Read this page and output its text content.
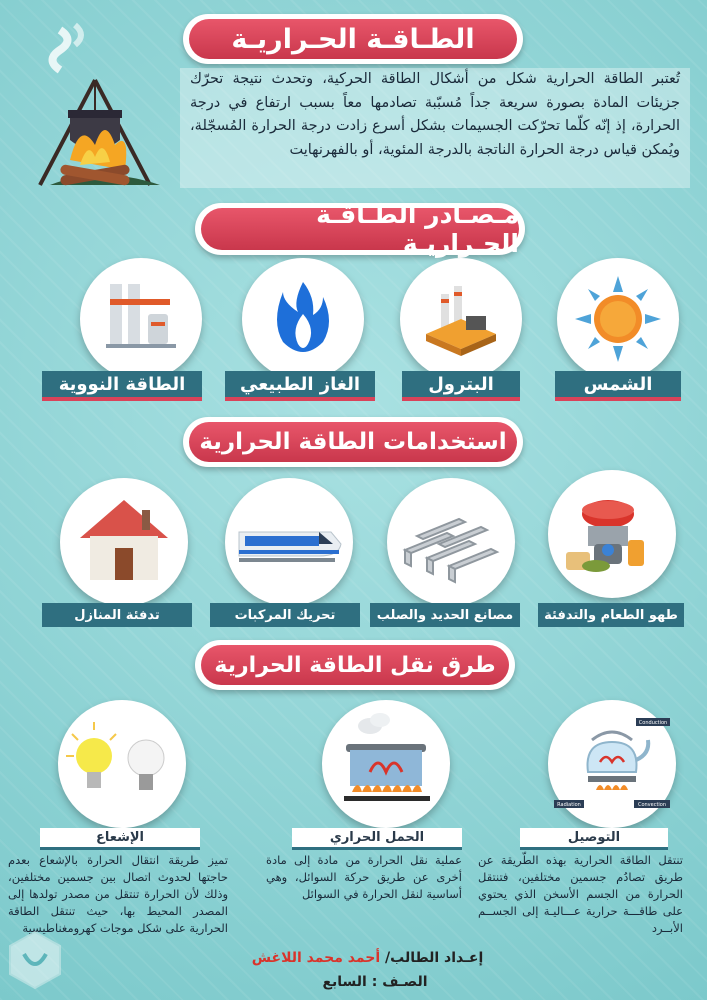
الطـاقـة الحـراريـة
تُعتبر الطاقة الحرارية شكل من أشكال الطاقة الحركية، وتحدث نتيجة تحرّك جزيئات المادة بصورة سريعة جداً مُسبّبة تصادمها معاً بسبب ارتفاع في درجة الحرارة، إذ إنّه كلّما تحرّكت الجسيمات بشكل أسرع زادت درجة الحرارة المُسجّلة، ويُمكن قياس درجة الحرارة الناتجة بالدرجة المئوية، أو بالفهرنهايت
مـصـادر الطـاقـة الحـراريـة
الشمس
البترول
الغاز الطبيعي
الطاقة النووية
استخدامات الطاقة الحرارية
طهو الطعام والتدفئة
مصانع الحديد والصلب
تحريك المركبات
تدفئة المنازل
طرق نقل الطاقة الحرارية
Conduction
Radiation	Convection
التوصيل
الحمل الحراري
الإشعاع
تنتقل الطاقة الحرارية بهذه الطّريقة عن طريق تصادُم جسمين مختلفين، فتنتقل الحرارة من الجسم الأسخن الذي يحتوي على طاقـــة حرارية عـــاليـة إلى الجســم الأبــرد
عملية نقل الحرارة من مادة إلى مادة أخرى عن طريق حركة السوائل، وهي أساسية لنقل الحرارة في السوائل
تميز طريقة انتقال الحرارة بالإشعاع بعدم حاجتها لحدوث اتصال بين جسمين مختلفين، وذلك لأن الحرارة تنتقل من مصدر تولدها إلى المصدر المحيط بها، حيث تنتقل الطاقة الحرارية على شكل موجات كهرومغناطيسية
إعـداد الطالب/ أحمد محمد اللاغش
الصـف : السابع
